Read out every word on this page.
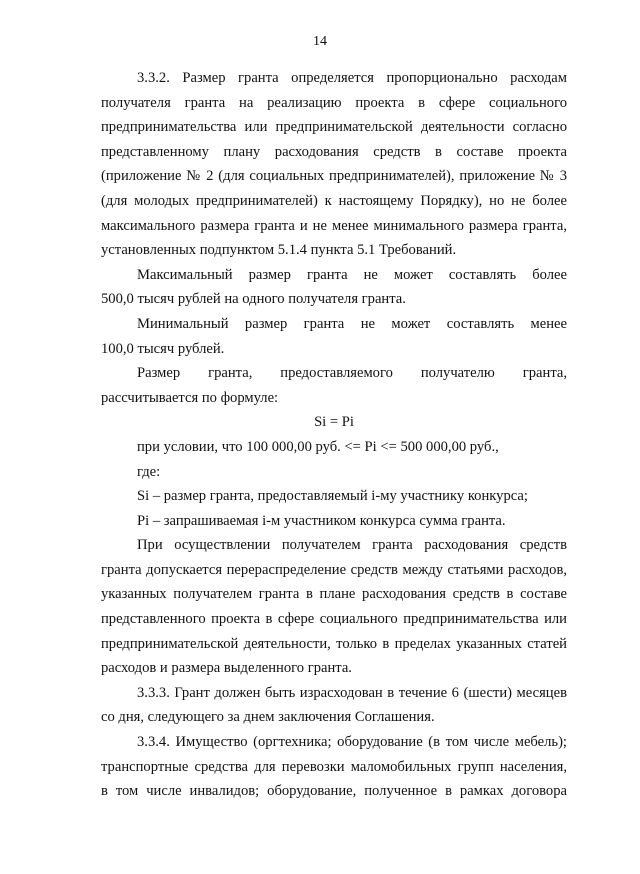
14
3.3.2. Размер гранта определяется пропорционально расходам
получателя гранта на реализацию проекта в сфере социального
предпринимательства или предпринимательской деятельности согласно
представленному плану расходования средств в составе проекта
(приложение № 2 (для социальных предпринимателей), приложение № 3
(для молодых предпринимателей) к настоящему Порядку), но не более
максимального размера гранта и не менее минимального размера гранта,
установленных подпунктом 5.1.4 пункта 5.1 Требований.
Максимальный размер гранта не может составлять более
500,0 тысяч рублей на одного получателя гранта.
Минимальный размер гранта не может составлять менее
100,0 тысяч рублей.
Размер гранта, предоставляемого получателю гранта,
рассчитывается по формуле:
Si = Pi
при условии, что 100 000,00 руб. <= Pi <= 500 000,00 руб.,
где:
Si – размер гранта, предоставляемый i-му участнику конкурса;
Pi – запрашиваемая i-м участником конкурса сумма гранта.
При осуществлении получателем гранта расходования средств
гранта допускается перераспределение средств между статьями расходов,
указанных получателем гранта в плане расходования средств в составе
представленного проекта в сфере социального предпринимательства или
предпринимательской деятельности, только в пределах указанных статей
расходов и размера выделенного гранта.
3.3.3. Грант должен быть израсходован в течение 6 (шести) месяцев
со дня, следующего за днем заключения Соглашения.
3.3.4. Имущество (оргтехника; оборудование (в том числе мебель);
транспортные средства для перевозки маломобильных групп населения,
в том числе инвалидов; оборудование, полученное в рамках договора
